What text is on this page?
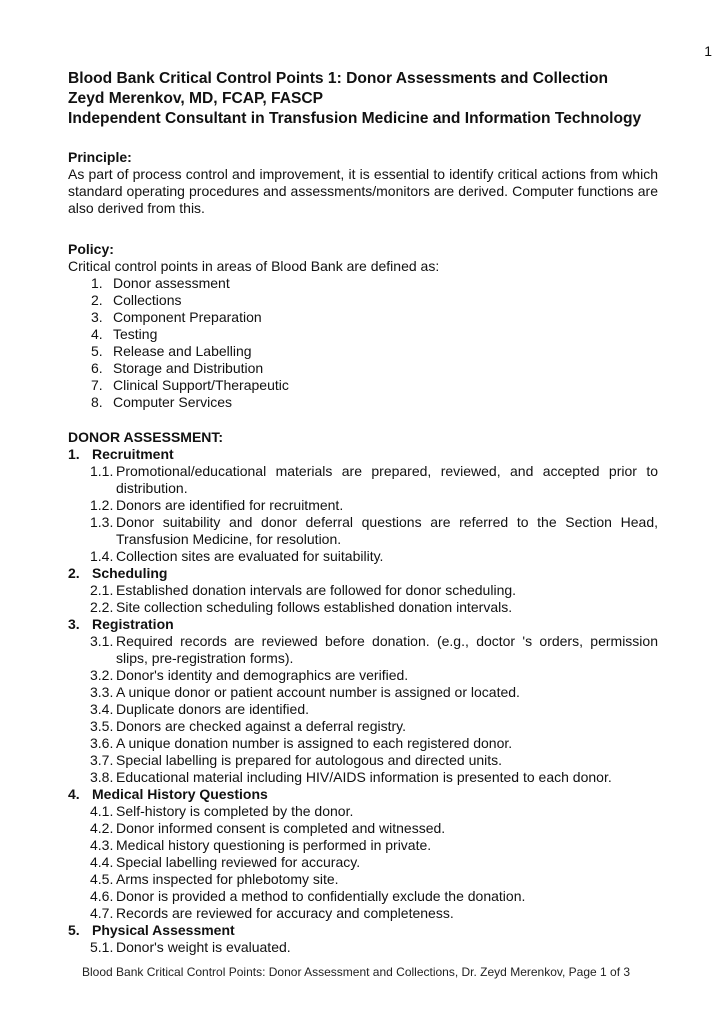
1
Blood Bank Critical Control Points 1: Donor Assessments and Collection
Zeyd Merenkov, MD, FCAP, FASCP
Independent Consultant in Transfusion Medicine and Information Technology
Principle:
As part of process control and improvement, it is essential to identify critical actions from which standard operating procedures and assessments/monitors are derived. Computer functions are also derived from this.
Policy:
Critical control points in areas of Blood Bank are defined as:
1. Donor assessment
2. Collections
3. Component Preparation
4. Testing
5. Release and Labelling
6. Storage and Distribution
7. Clinical Support/Therapeutic
8. Computer Services
DONOR ASSESSMENT:
1. Recruitment
1.1. Promotional/educational materials are prepared, reviewed, and accepted prior to distribution.
1.2. Donors are identified for recruitment.
1.3. Donor suitability and donor deferral questions are referred to the Section Head, Transfusion Medicine, for resolution.
1.4. Collection sites are evaluated for suitability.
2. Scheduling
2.1. Established donation intervals are followed for donor scheduling.
2.2. Site collection scheduling follows established donation intervals.
3. Registration
3.1. Required records are reviewed before donation. (e.g., doctor 's orders, permission slips, pre-registration forms).
3.2. Donor's identity and demographics are verified.
3.3. A unique donor or patient account number is assigned or located.
3.4. Duplicate donors are identified.
3.5. Donors are checked against a deferral registry.
3.6. A unique donation number is assigned to each registered donor.
3.7. Special labelling is prepared for autologous and directed units.
3.8. Educational material including HIV/AIDS information is presented to each donor.
4. Medical History Questions
4.1. Self-history is completed by the donor.
4.2. Donor informed consent is completed and witnessed.
4.3. Medical history questioning is performed in private.
4.4. Special labelling reviewed for accuracy.
4.5. Arms inspected for phlebotomy site.
4.6. Donor is provided a method to confidentially exclude the donation.
4.7. Records are reviewed for accuracy and completeness.
5. Physical Assessment
5.1. Donor's weight is evaluated.
Blood Bank Critical Control Points: Donor Assessment and Collections, Dr. Zeyd Merenkov, Page 1 of 3
